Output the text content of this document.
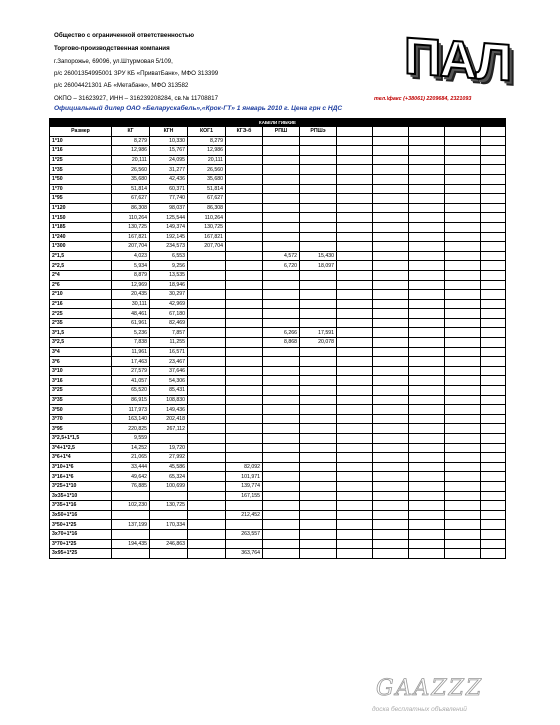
Общество с ограниченной ответственностью
Торгово-производственная компания
г.Запорожье, 69096, ул.Штурмовая 5/109,
р/с 26001354995001 ЗРУ КБ «ПриватБанк», МФО 313399
р/с 26004421301 АБ «Метабанк», МФО 313582
ОКПО – 31623927, ИНН – 316239208284, св.№ 11708817
Официальный дилер ОАО «Беларускабель»,«Крок-ГТ» 1 январь 2010 г. Цена грн с НДС
тел.\факс (+38061) 2209684, 2321093
ПАЛ
КАБЕЛИ ГИБКИЕ											
Размер	КГ	КГН	КОГ1	КГЭ-б	РПШ	РПШэ					
1*10	8,279	10,330	8,279								
1*16	12,986	15,767	12,986								
1*25	20,111	24,095	20,111								
1*35	26,560	31,277	26,560								
1*50	35,680	42,436	35,680								
1*70	51,814	60,371	51,814								
1*95	67,627	77,740	67,627								
1*120	86,308	98,037	86,308								
1*150	110,264	125,544	110,264								
1*185	130,725	149,374	130,725								
1*240	167,821	192,145	167,821								
1*300	207,704	234,573	207,704								
2*1,5	4,023	6,553			4,572	15,430					
2*2,5	5,934	9,256			6,720	18,097					
2*4	8,879	13,535									
2*6	12,969	18,946									
2*10	20,435	30,297									
2*16	30,111	42,969									
2*25	48,461	67,180									
2*35	61,961	82,469									
3*1,5	5,236	7,857			6,266	17,591					
3*2,5	7,838	11,255			8,868	20,078					
3*4	11,961	16,571									
3*6	17,463	23,467									
3*10	27,579	37,646									
3*16	41,057	54,306									
3*25	65,520	85,431									
3*35	86,915	108,830									
3*50	117,973	149,436									
3*70	163,140	202,418									
3*95	220,825	267,112									
3*2,5+1*1,5	9,559										
3*4+1*2,5	14,252	19,720									
3*6+1*4	21,065	27,992									
3*10+1*6	33,444	45,586		82,092							
3*16+1*6	49,642	65,324		101,971							
3*25+1*10	76,885	100,699		139,774							
3x35+1*10				167,155							
3*35+1*16	102,230	130,725									
3x50+1*16				212,452							
3*50+1*25	137,199	170,334									
3x70+1*16				263,557							
3*70+1*25	194,435	246,863									
3x95+1*25				363,764							
GAAZZZ
доска бесплатных объявлений
